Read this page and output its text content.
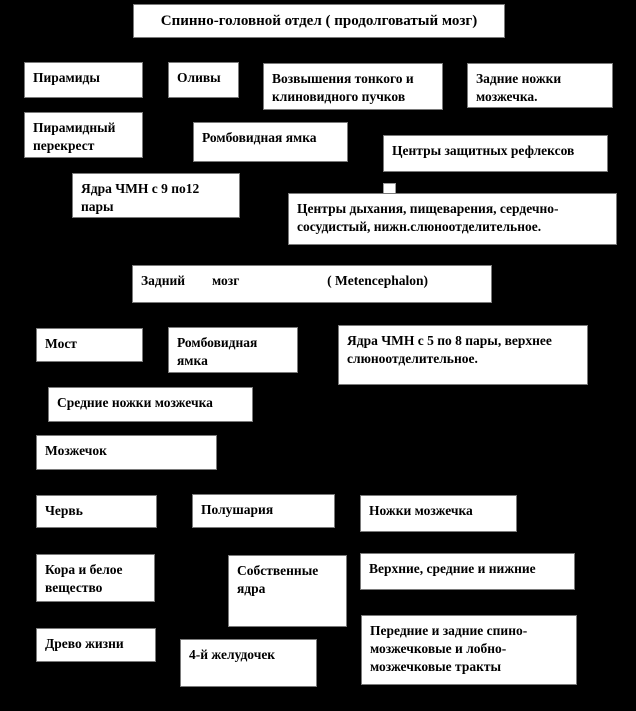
Спинно-головной отдел ( продолговатый мозг)
Пирамиды	Оливы	Возвышения тонкого и клиновидного пучков
Задние ножки мозжечка.
Пирамидный перекрест
Ромбовидная ямка
Центры защитных рефлексов
Ядра ЧМН с 9 по12 пары	Центры дыхания, пищеварения, сердечно-сосудистый, нижн.слюноотделительное.
Задний        мозг                          ( Metencephalon)
Мост	Ромбовидная ямка
Ядра ЧМН с 5 по 8 пары, верхнее слюноотделительное.
Средние ножки мозжечка
Мозжечок
Червь	Полушария	Ножки мозжечка
Кора и белое вещество
Собственные ядра
Верхние, средние и нижние
Древо жизни
4-й желудочек
Передние и задние спино-мозжечковые и лобно-мозжечковые тракты
